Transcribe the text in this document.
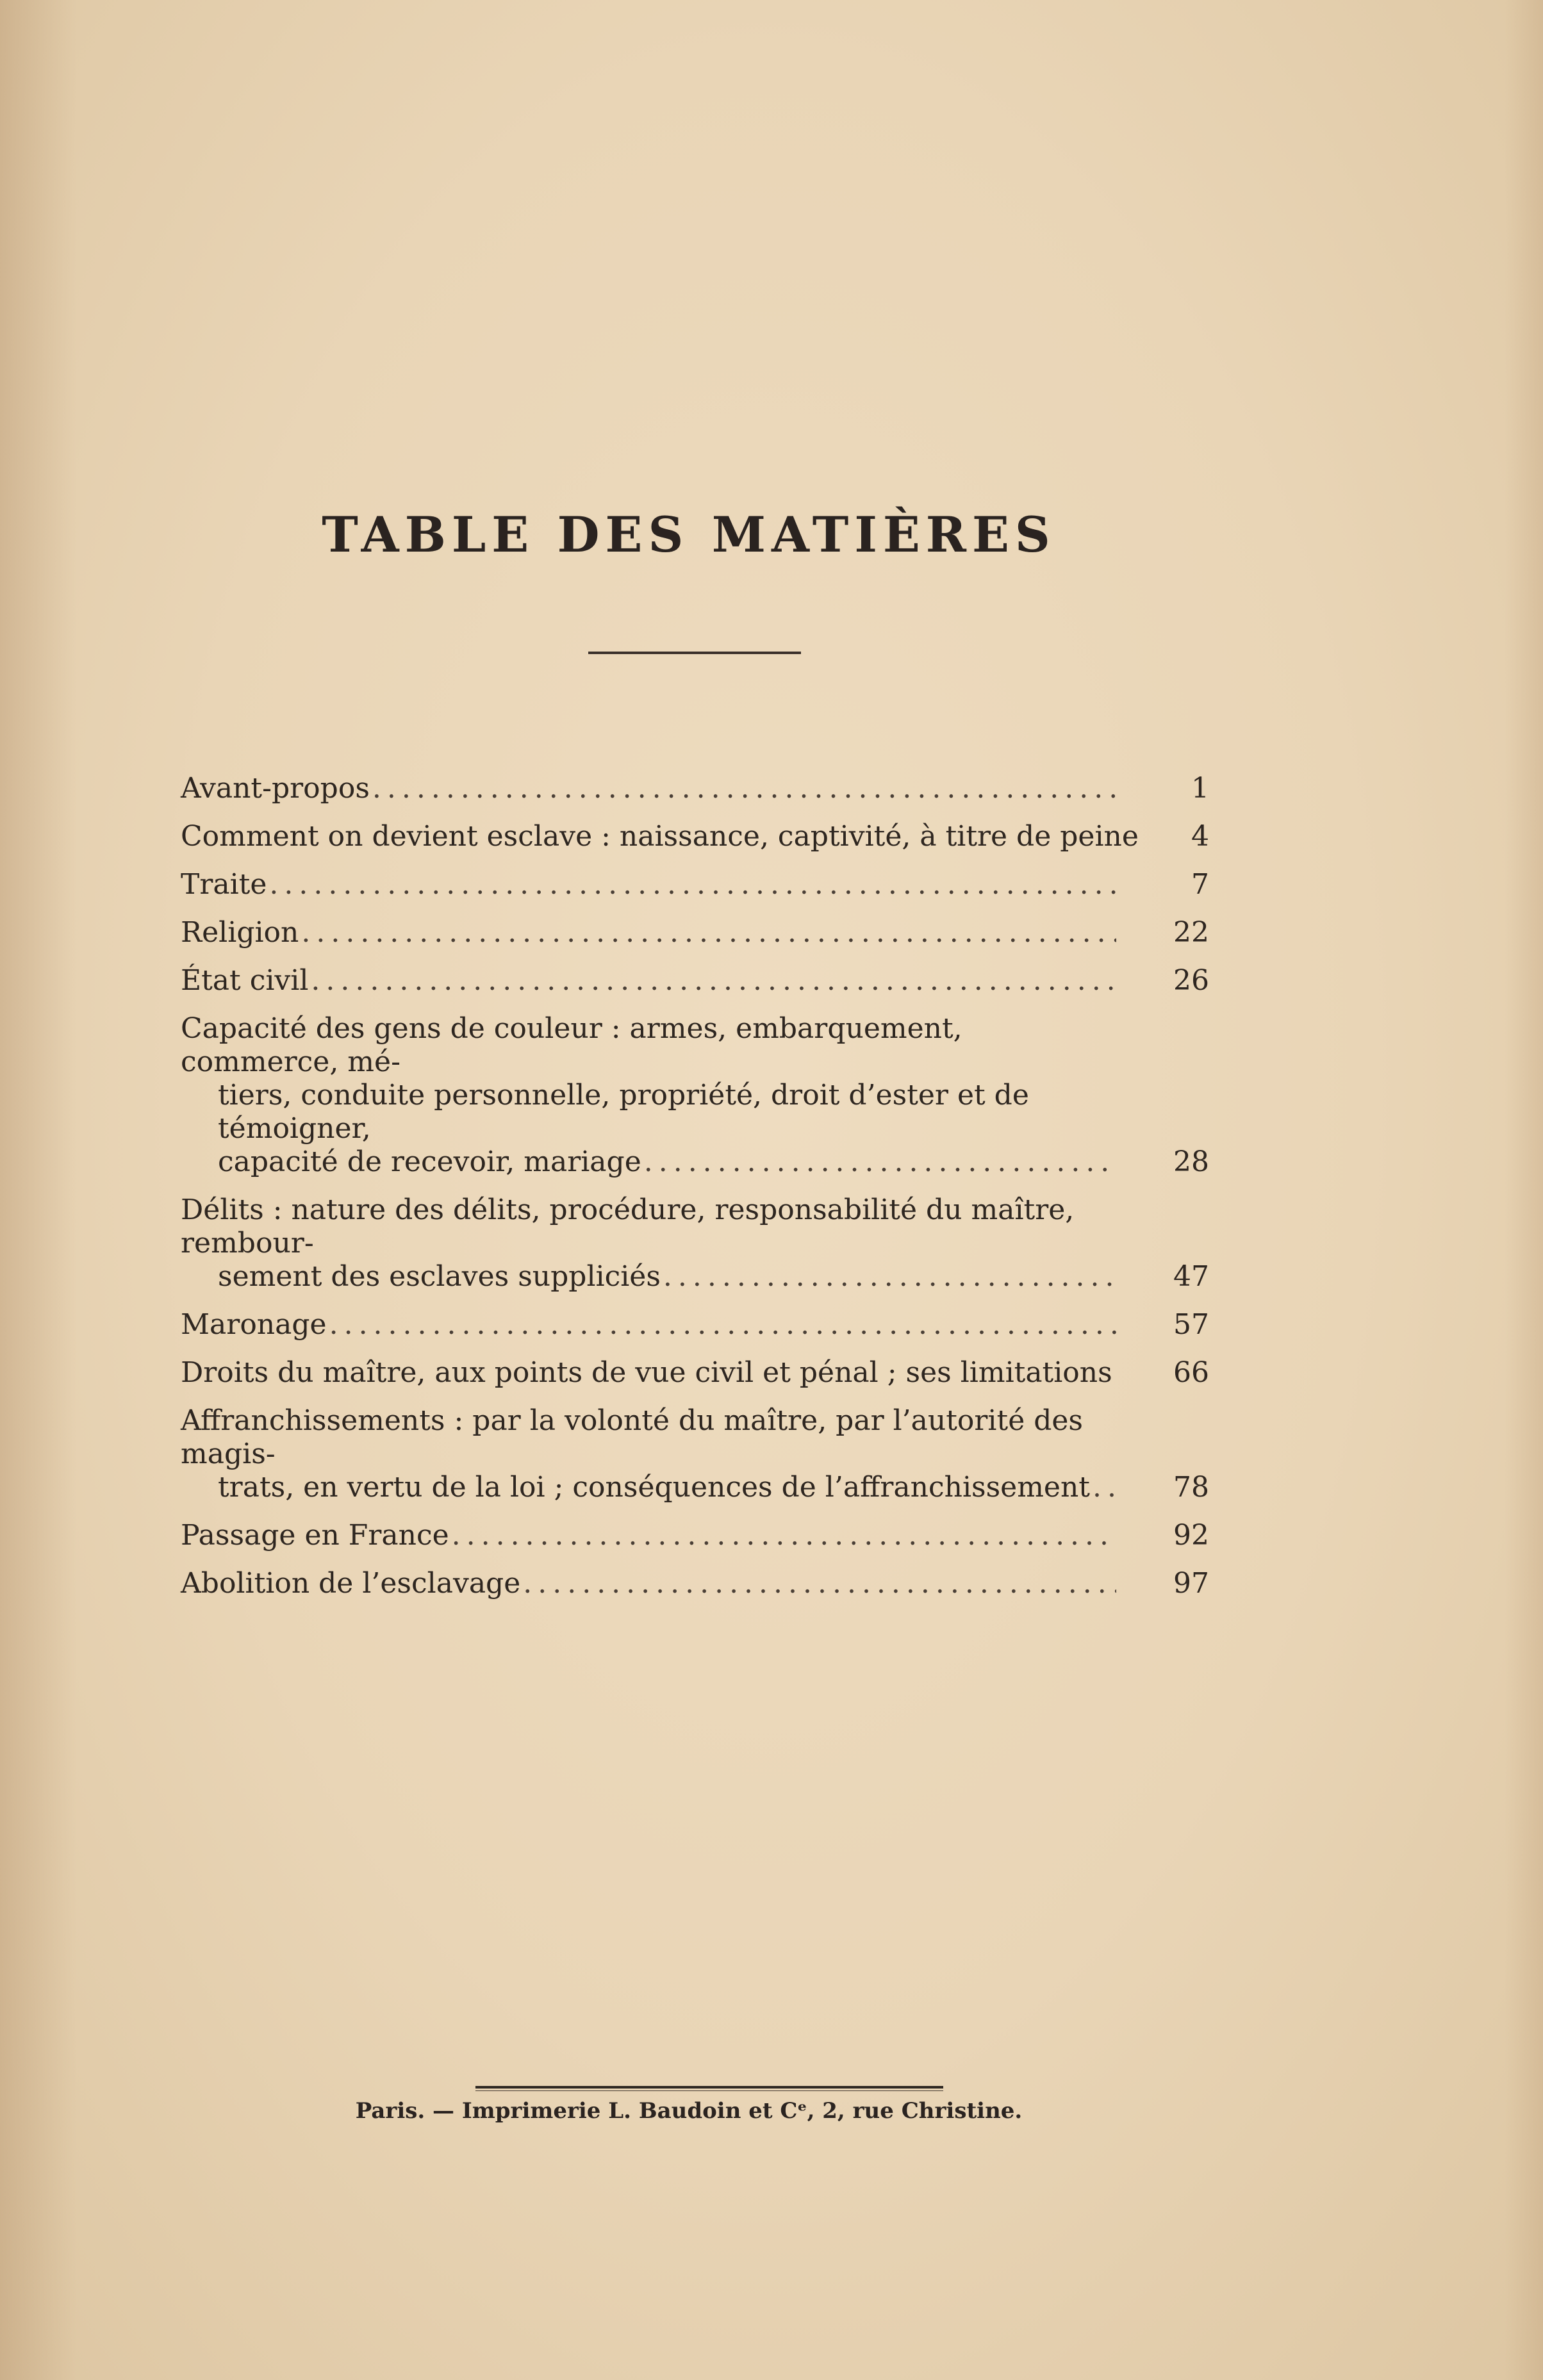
TABLE DES MATIÈRES
Avant-propos .....	1
Comment on devient esclave : naissance, captivité, à titre de peine	4
Traite .....	7
Religion .....	22
État civil .....	26
Capacité des gens de couleur : armes, embarquement, commerce, mé-
tiers, conduite personnelle, propriété, droit d’ester et de témoigner,
capacité de recevoir, mariage .....	28
Délits : nature des délits, procédure, responsabilité du maître, rembour-
sement des esclaves suppliciés .....	47
Maronage .....	57
Droits du maître, aux points de vue civil et pénal ; ses limitations .....	66
Affranchissements : par la volonté du maître, par l’autorité des magis-
trats, en vertu de la loi ; conséquences de l’affranchissement .....	78
Passage en France .....	92
Abolition de l’esclavage .....	97
Paris. — Imprimerie L. Baudoin et Cᵉ, 2, rue Christine.
